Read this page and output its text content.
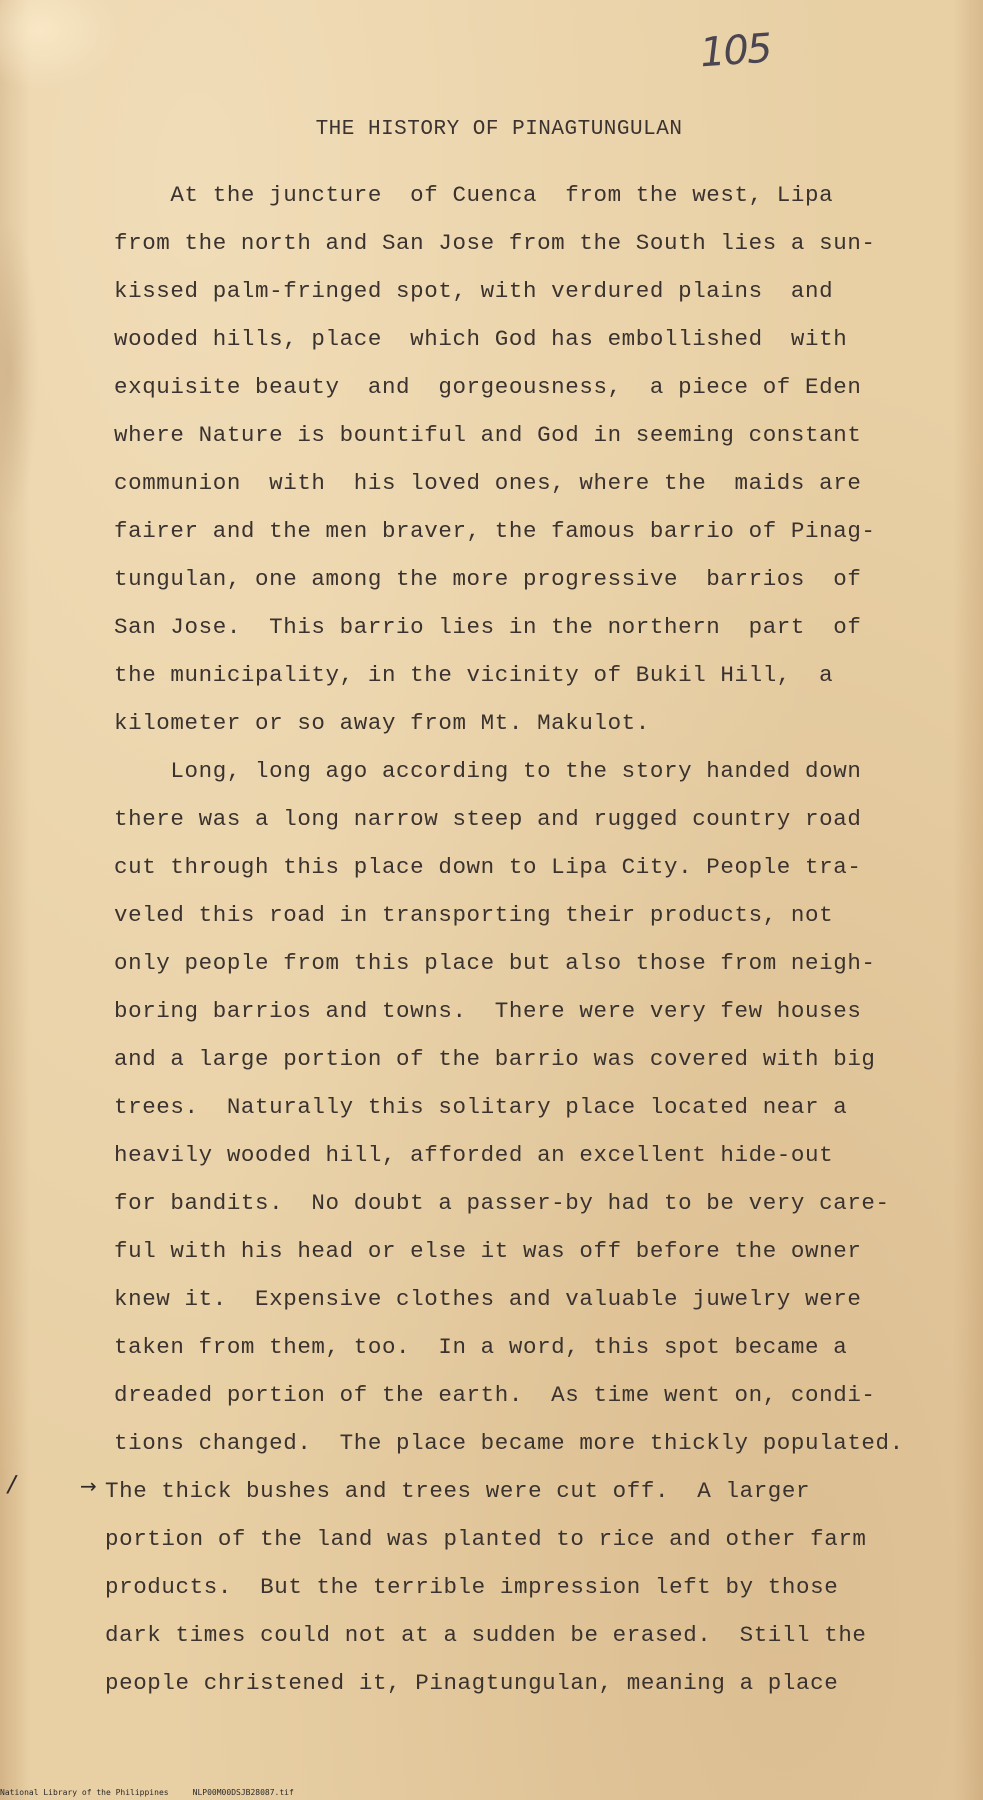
105
THE HISTORY OF PINAGTUNGULAN
At the juncture  of Cuenca  from the west, Lipa
from the north and San Jose from the South lies a sun-
kissed palm-fringed spot, with verdured plains  and
wooded hills, place  which God has embollished  with
exquisite beauty  and  gorgeousness,  a piece of Eden
where Nature is bountiful and God in seeming constant
communion  with  his loved ones, where the  maids are
fairer and the men braver, the famous barrio of Pinag-
tungulan, one among the more progressive  barrios  of
San Jose.  This barrio lies in the northern  part  of
the municipality, in the vicinity of Bukil Hill,  a
kilometer or so away from Mt. Makulot.
Long, long ago according to the story handed down
there was a long narrow steep and rugged country road
cut through this place down to Lipa City. People tra-
veled this road in transporting their products, not
only people from this place but also those from neigh-
boring barrios and towns.  There were very few houses
and a large portion of the barrio was covered with big
trees.  Naturally this solitary place located near a
heavily wooded hill, afforded an excellent hide-out
for bandits.  No doubt a passer-by had to be very care-
ful with his head or else it was off before the owner
knew it.  Expensive clothes and valuable juwelry were
taken from them, too.  In a word, this spot became a
dreaded portion of the earth.  As time went on, condi-
tions changed.  The place became more thickly populated.
The thick bushes and trees were cut off.  A larger
portion of the land was planted to rice and other farm
products.  But the terrible impression left by those
dark times could not at a sudden be erased.  Still the
people christened it, Pinagtungulan, meaning a place
/	→
National Library of the Philippines     NLP00M00DSJB28087.tif
